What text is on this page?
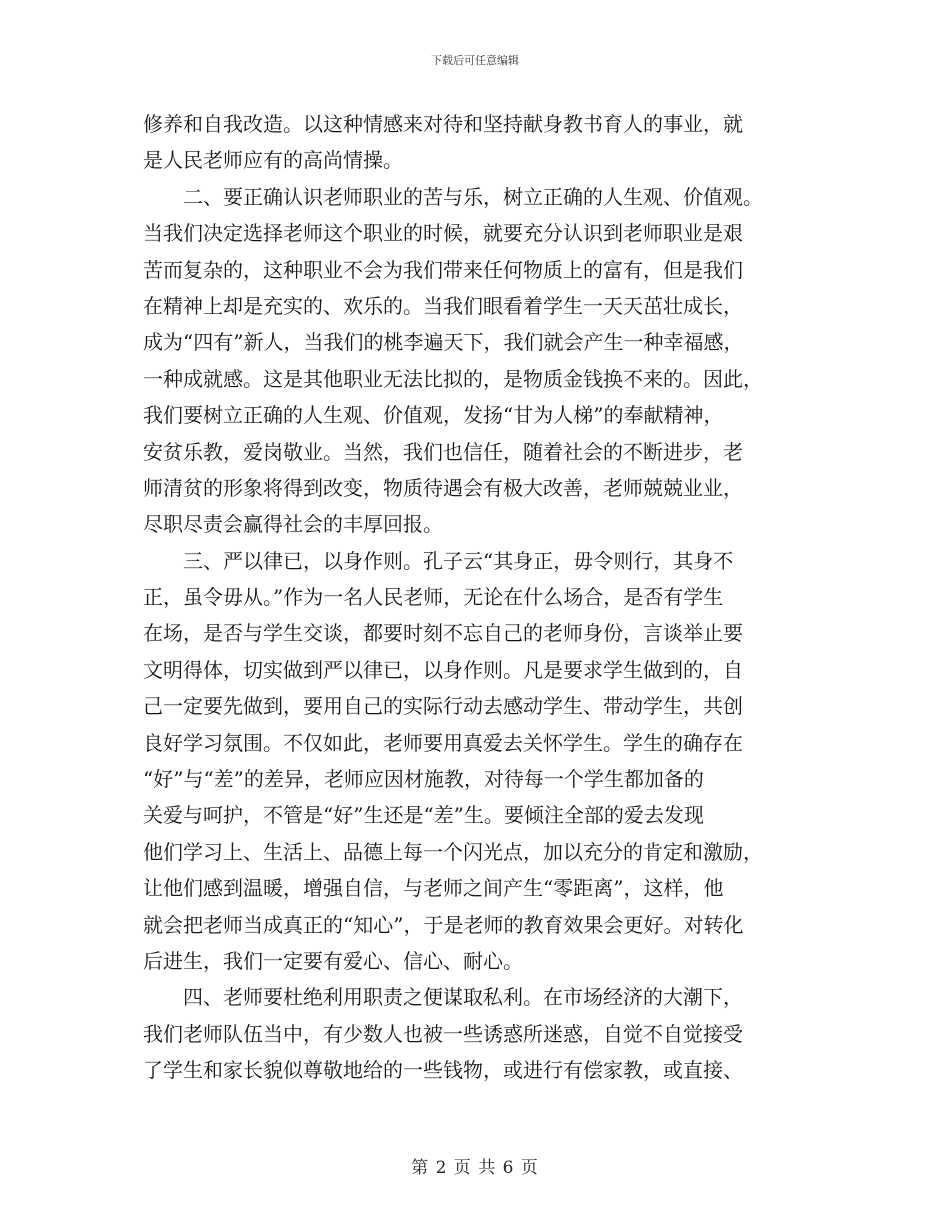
下载后可任意编辑
修养和自我改造。以这种情感来对待和坚持献身教书育人的事业，就
是人民老师应有的高尚情操。
　　二、要正确认识老师职业的苦与乐，树立正确的人生观、价值观。
当我们决定选择老师这个职业的时候，就要充分认识到老师职业是艰
苦而复杂的，这种职业不会为我们带来任何物质上的富有，但是我们
在精神上却是充实的、欢乐的。当我们眼看着学生一天天茁壮成长，
成为“四有”新人，当我们的桃李遍天下，我们就会产生一种幸福感，
一种成就感。这是其他职业无法比拟的，是物质金钱换不来的。因此，
我们要树立正确的人生观、价值观，发扬“甘为人梯”的奉献精神，
安贫乐教，爱岗敬业。当然，我们也信任，随着社会的不断进步，老
师清贫的形象将得到改变，物质待遇会有极大改善，老师兢兢业业，
尽职尽责会赢得社会的丰厚回报。
　　三、严以律已，以身作则。孔子云“其身正，毋令则行，其身不
正，虽令毋从。”作为一名人民老师，无论在什么场合，是否有学生
在场，是否与学生交谈，都要时刻不忘自己的老师身份，言谈举止要
文明得体，切实做到严以律已，以身作则。凡是要求学生做到的，自
己一定要先做到，要用自己的实际行动去感动学生、带动学生，共创
良好学习氛围。不仅如此，老师要用真爱去关怀学生。学生的确存在
“好”与“差”的差异，老师应因材施教，对待每一个学生都加备的
关爱与呵护，不管是“好”生还是“差”生。要倾注全部的爱去发现
他们学习上、生活上、品德上每一个闪光点，加以充分的肯定和激励，
让他们感到温暖，增强自信，与老师之间产生“零距离”，这样，他
就会把老师当成真正的“知心”，于是老师的教育效果会更好。对转化
后进生，我们一定要有爱心、信心、耐心。
　　四、老师要杜绝利用职责之便谋取私利。在市场经济的大潮下，
我们老师队伍当中，有少数人也被一些诱惑所迷惑，自觉不自觉接受
了学生和家长貌似尊敬地给的一些钱物，或进行有偿家教，或直接、
第 2 页 共 6 页
